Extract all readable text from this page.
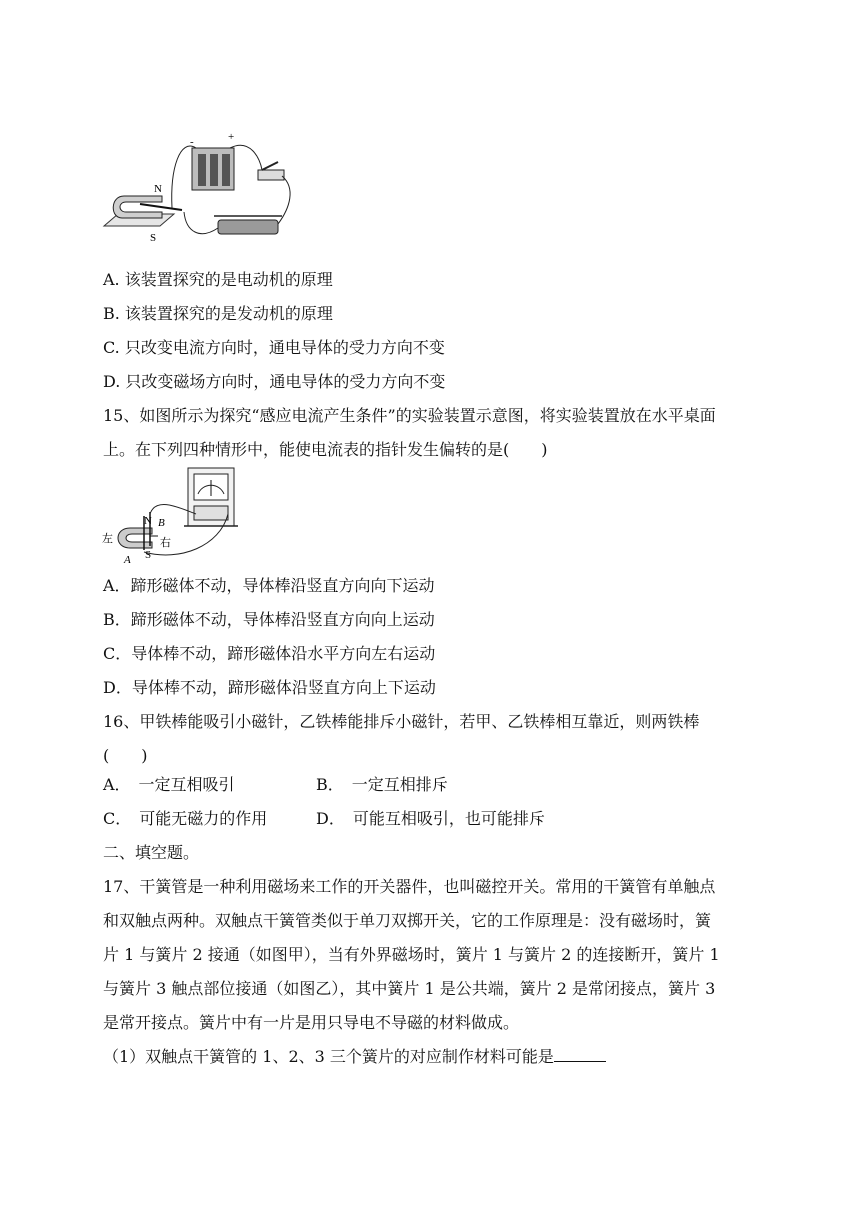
N
S
-	+
A. 该装置探究的是电动机的原理
B. 该装置探究的是发动机的原理
C. 只改变电流方向时，通电导体的受力方向不变
D. 只改变磁场方向时，通电导体的受力方向不变
15、如图所示为探究“感应电流产生条件”的实验装置示意图，将实验装置放在水平桌面
上。在下列四种情形中，能使电流表的指针发生偏转的是(　　)
N B
S
A
左	右
A．蹄形磁体不动，导体棒沿竖直方向向下运动
B．蹄形磁体不动，导体棒沿竖直方向向上运动
C．导体棒不动，蹄形磁体沿水平方向左右运动
D．导体棒不动，蹄形磁体沿竖直方向上下运动
16、甲铁棒能吸引小磁针，乙铁棒能排斥小磁针，若甲、乙铁棒相互靠近，则两铁棒
(　　)
A．　一定互相吸引	B．　一定互相排斥
C．　可能无磁力的作用	D．　可能互相吸引，也可能排斥
二、填空题。
17、干簧管是一种利用磁场来工作的开关器件，也叫磁控开关。常用的干簧管有单触点
和双触点两种。双触点干簧管类似于单刀双掷开关，它的工作原理是：没有磁场时，簧
片 1 与簧片 2 接通（如图甲），当有外界磁场时，簧片 1 与簧片 2 的连接断开，簧片 1
与簧片 3 触点部位接通（如图乙），其中簧片 1 是公共端，簧片 2 是常闭接点，簧片 3
是常开接点。簧片中有一片是用只导电不导磁的材料做成。
（1）双触点干簧管的 1、2、3 三个簧片的对应制作材料可能是
